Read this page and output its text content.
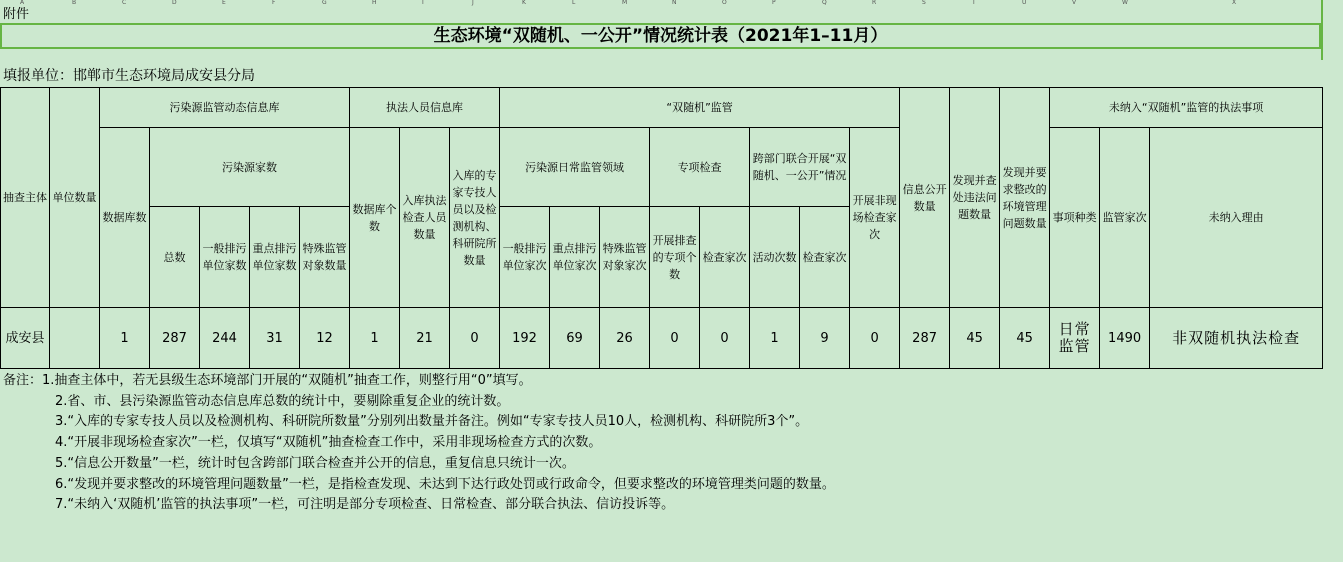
A	B	C	D	E	F	G	H	I	J	K	L	M	N	O	P	Q	R	S	T	U	V	W	X
附件
生态环境“双随机、一公开”情况统计表（2021年1–11月）
填报单位：邯郸市生态环境局成安县分局
抽查主体	单位数量	污染源监管动态信息库					执法人员信息库			“双随机”监管								信息公开数量	发现并查处违法问题数量	发现并要求整改的环境管理问题数量	未纳入“双随机”监管的执法事项		
		数据库数	污染源家数				数据库个数	入库执法检查人员数量	入库的专家专技人员以及检测机构、科研院所数量	污染源日常监管领域			专项检查		跨部门联合开展“双随机、一公开”情况		开展非现场检查家次				事项种类	监管家次	未纳入理由
			总数	一般排污单位家数	重点排污单位家数	特殊监管对象数量				一般排污单位家次	重点排污单位家次	特殊监管对象家次	开展排查的专项个数	检查家次	活动次数	检查家次							

成安县		1	287	244	31	12	1	21	0	192	69	26	0	0	1	9	0	287	45	45	日常监管	1490	非双随机执法检查
备注：1.抽查主体中，若无县级生态环境部门开展的“双随机”抽查工作，则整行用“0”填写。
2.省、市、县污染源监管动态信息库总数的统计中，要剔除重复企业的统计数。
3.“入库的专家专技人员以及检测机构、科研院所数量”分别列出数量并备注。例如“专家专技人员10人，检测机构、科研院所3个”。
4.“开展非现场检查家次”一栏，仅填写“双随机”抽查检查工作中，采用非现场检查方式的次数。
5.“信息公开数量”一栏，统计时包含跨部门联合检查并公开的信息，重复信息只统计一次。
6.“发现并要求整改的环境管理问题数量”一栏，是指检查发现、未达到下达行政处罚或行政命令，但要求整改的环境管理类问题的数量。
7.“未纳入‘双随机’监管的执法事项”一栏，可注明是部分专项检查、日常检查、部分联合执法、信访投诉等。
